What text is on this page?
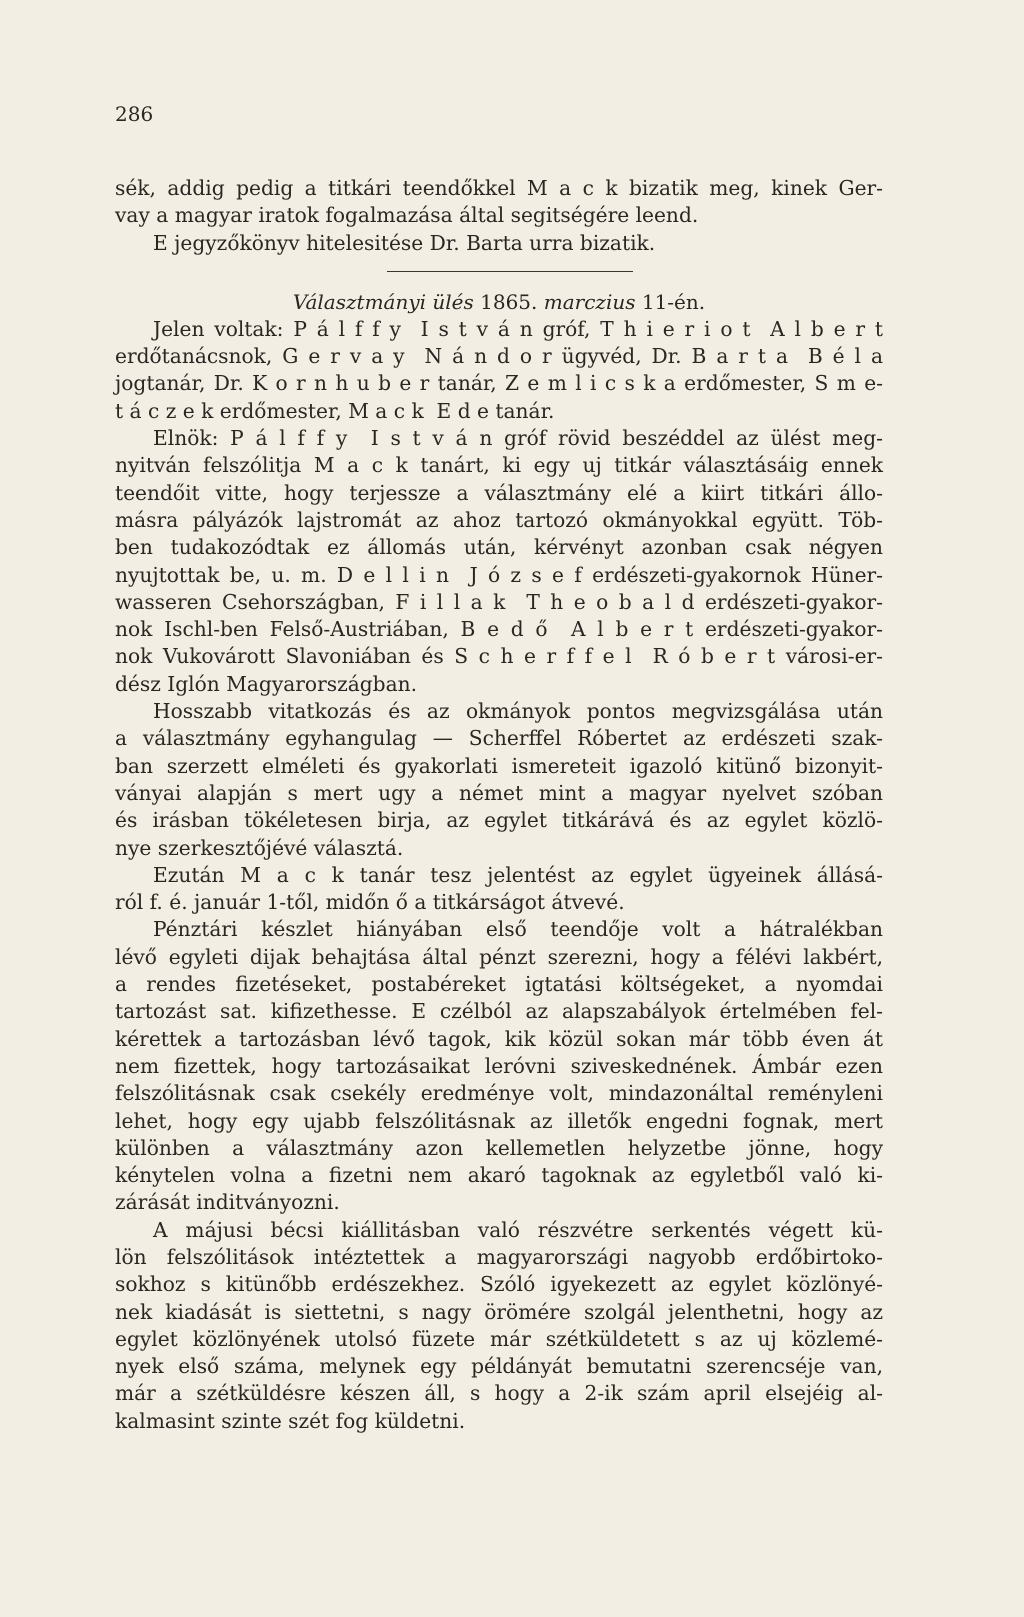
286
sék, addig pedig a titkári teendőkkel M a c k bizatik meg, kinek Ger-
vay a magyar iratok fogalmazása által segitségére leend.
E jegyzőkönyv hitelesitése Dr. Barta urra bizatik.
Választmányi ülés 1865. marczius 11-én.
Jelen voltak: P á l f f y  I s t v á n gróf, T h i e r i o t  A l b e r t
erdőtanácsnok, G e r v a y  N á n d o r ügyvéd, Dr. B a r t a  B é l a
jogtanár, Dr. K o r n h u b e r tanár, Z e m l i c s k a erdőmester, S m e-
t á c z e k erdőmester, M a c k  E d e tanár.
Elnök: P á l f f y  I s t v á n gróf rövid beszéddel az ülést meg-
nyitván felszólitja M a c k tanárt, ki egy uj titkár választásáig ennek
teendőit vitte, hogy terjessze a választmány elé a kiirt titkári állo-
másra pályázók lajstromát az ahoz tartozó okmányokkal együtt. Töb-
ben tudakozódtak ez állomás után, kérvényt azonban csak négyen
nyujtottak be, u. m. D e l l i n  J ó z s e f erdészeti-gyakornok Hüner-
wasseren Csehországban, F i l l a k  T h e o b a l d erdészeti-gyakor-
nok Ischl-ben Felső-Austriában, B e d ő  A l b e r t erdészeti-gyakor-
nok Vukovárott Slavoniában és S c h e r f f e l  R ó b e r t városi-er-
dész Iglón Magyarországban.
Hosszabb vitatkozás és az okmányok pontos megvizsgálása után
a választmány egyhangulag — Scherffel Róbertet az erdészeti szak-
ban szerzett elméleti és gyakorlati ismereteit igazoló kitünő bizonyit-
ványai alapján s mert ugy a német mint a magyar nyelvet szóban
és irásban tökéletesen birja, az egylet titkárává és az egylet közlö-
nye szerkesztőjévé választá.
Ezután M a c k tanár tesz jelentést az egylet ügyeinek állásá-
ról f. é. január 1-től, midőn ő a titkárságot átvevé.
Pénztári készlet hiányában első teendője volt a hátralékban
lévő egyleti dijak behajtása által pénzt szerezni, hogy a félévi lakbért,
a rendes fizetéseket, postabéreket igtatási költségeket, a nyomdai
tartozást sat. kifizethesse. E czélból az alapszabályok értelmében fel-
kérettek a tartozásban lévő tagok, kik közül sokan már több éven át
nem fizettek, hogy tartozásaikat leróvni sziveskednének. Ámbár ezen
felszólitásnak csak csekély eredménye volt, mindazonáltal reményleni
lehet, hogy egy ujabb felszólitásnak az illetők engedni fognak, mert
különben a választmány azon kellemetlen helyzetbe jönne, hogy
kénytelen volna a fizetni nem akaró tagoknak az egyletből való ki-
zárását inditványozni.
A májusi bécsi kiállitásban való részvétre serkentés végett kü-
lön felszólitások intéztettek a magyarországi nagyobb erdőbirtoko-
sokhoz s kitünőbb erdészekhez. Szóló igyekezett az egylet közlönyé-
nek kiadását is siettetni, s nagy örömére szolgál jelenthetni, hogy az
egylet közlönyének utolsó füzete már szétküldetett s az uj közlemé-
nyek első száma, melynek egy példányát bemutatni szerencséje van,
már a szétküldésre készen áll, s hogy a 2-ik szám april elsejéig al-
kalmasint szinte szét fog küldetni.
